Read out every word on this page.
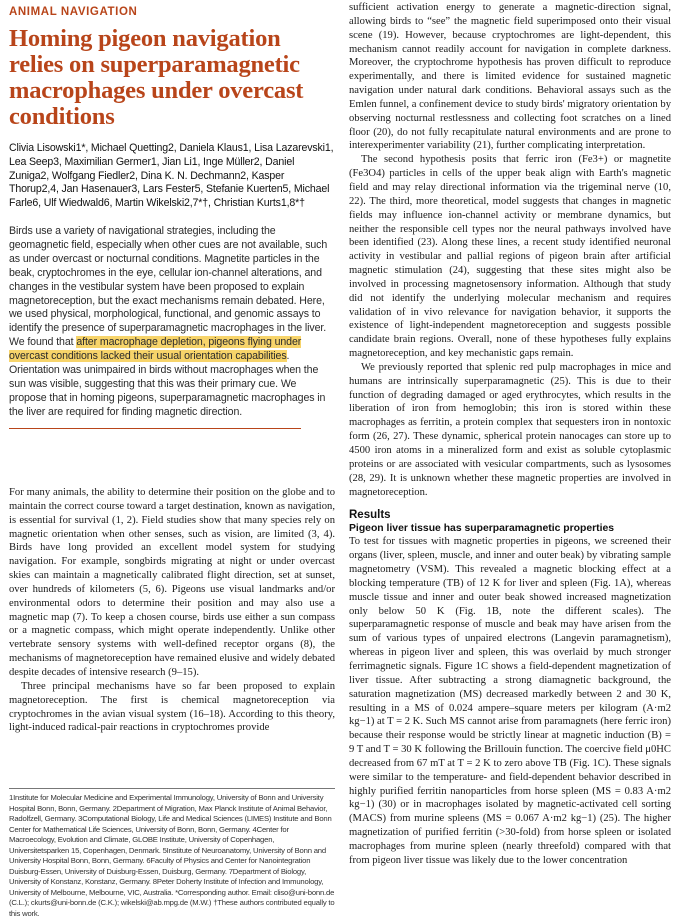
ANIMAL NAVIGATION
Homing pigeon navigation relies on superparamagnetic macrophages under overcast conditions
Clivia Lisowski1*, Michael Quetting2, Daniela Klaus1, Lisa Lazarevski1, Lea Seep3, Maximilian Germer1, Jian Li1, Inge Müller2, Daniel Zuniga2, Wolfgang Fiedler2, Dina K. N. Dechmann2, Kasper Thorup2,4, Jan Hasenauer3, Lars Fester5, Stefanie Kuerten5, Michael Farle6, Ulf Wiedwald6, Martin Wikelski2,7*†, Christian Kurts1,8*†

Birds use a variety of navigational strategies, including the geomagnetic field, especially when other cues are not available, such as under overcast or nocturnal conditions. Magnetite particles in the beak, cryptochromes in the eye, cellular ion-channel alterations, and changes in the vestibular system have been proposed to explain magnetoreception, but the exact mechanisms remain debated. Here, we used physical, morphological, functional, and genomic assays to identify the presence of superparamagnetic macrophages in the liver. We found that after macrophage depletion, pigeons flying under overcast conditions lacked their usual orientation capabilities. Orientation was unimpaired in birds without macrophages when the sun was visible, suggesting that this was their primary cue. We propose that in homing pigeons, superparamagnetic macrophages in the liver are required for finding magnetic direction.

For many animals, the ability to determine their position on the globe and to maintain the correct course toward a target destination, known as navigation, is essential for survival (1, 2). Field studies show that many species rely on magnetic orientation when other senses, such as vision, are limited (3, 4). Birds have long provided an excellent model system for studying navigation. For example, songbirds migrating at night or under overcast skies can maintain a magnetically calibrated flight direction, set at sunset, over hundreds of kilometers (5, 6). Pigeons use visual landmarks and/or environmental odors to determine their position and may also use a magnetic map (7). To keep a chosen course, birds use either a sun compass or a magnetic compass, which might operate independently. Unlike other vertebrate sensory systems with well-defined receptor organs (8), the mechanisms of magnetoreception have remained elusive and widely debated despite decades of intensive research (9–15).

Three principal mechanisms have so far been proposed to explain magnetoreception. The first is chemical magnetoreception via cryptochromes in the avian visual system (16–18). According to this theory, light-induced radical-pair reactions in cryptochromes provide

1Institute for Molecular Medicine and Experimental Immunology, University of Bonn and University Hospital Bonn, Bonn, Germany. 2Department of Migration, Max Planck Institute of Animal Behavior, Radolfzell, Germany. 3Computational Biology, Life and Medical Sciences (LIMES) Institute and Bonn Center for Mathematical Life Sciences, University of Bonn, Bonn, Germany. 4Center for Macroecology, Evolution and Climate, GLOBE Institute, University of Copenhagen, Universitetsparken 15, Copenhagen, Denmark. 5Institute of Neuroanatomy, University of Bonn and University Hospital Bonn, Bonn, Germany. 6Faculty of Physics and Center for Nanointegration Duisburg-Essen, University of Duisburg-Essen, Duisburg, Germany. 7Department of Biology, University of Konstanz, Konstanz, Germany. 8Peter Doherty Institute of Infection and Immunology, University of Melbourne, Melbourne, VIC, Australia. *Corresponding author. Email: cliso@uni-bonn.de (C.L.); ckurts@uni-bonn.de (C.K.); wikelski@ab.mpg.de (M.W.) †These authors contributed equally to this work.

sufficient activation energy to generate a magnetic-direction signal, allowing birds to “see” the magnetic field superimposed onto their visual scene (19). However, because cryptochromes are light-dependent, this mechanism cannot readily account for navigation in complete darkness. Moreover, the cryptochrome hypothesis has proven difficult to reproduce experimentally, and there is limited evidence for sustained magnetic navigation under natural dark conditions. Behavioral assays such as the Emlen funnel, a confinement device to study birds' migratory orientation by observing nocturnal restlessness and collecting foot scratches on a lined floor (20), do not fully recapitulate natural environments and are prone to interexperimenter variability (21), further complicating interpretation.

The second hypothesis posits that ferric iron (Fe3+) or magnetite (Fe3O4) particles in cells of the upper beak align with Earth's magnetic field and may relay directional information via the trigeminal nerve (10, 22). The third, more theoretical, model suggests that changes in magnetic fields may influence ion-channel activity or membrane dynamics, but neither the responsible cell types nor the neural pathways involved have been identified (23). Along these lines, a recent study identified neuronal activity in vestibular and pallial regions of pigeon brain after artificial magnetic stimulation (24), suggesting that these sites might also be involved in processing magnetosensory information. Although that study did not identify the underlying molecular mechanism and requires validation of in vivo relevance for navigation behavior, it supports the existence of light-independent magnetoreception and suggests possible candidate brain regions. Overall, none of these hypotheses fully explains magnetoreception, and key mechanistic gaps remain.

We previously reported that splenic red pulp macrophages in mice and humans are intrinsically superparamagnetic (25). This is due to their function of degrading damaged or aged erythrocytes, which results in the liberation of iron from hemoglobin; this iron is stored within these macrophages as ferritin, a protein complex that sequesters iron in nontoxic form (26, 27). These dynamic, spherical protein nanocages can store up to 4500 iron atoms in a mineralized form and exist as soluble cytoplasmic proteins or are associated with vesicular compartments, such as lysosomes (28, 29). It is unknown whether these magnetic properties are involved in magnetoreception.

Results
Pigeon liver tissue has superparamagnetic properties

To test for tissues with magnetic properties in pigeons, we screened their organs (liver, spleen, muscle, and inner and outer beak) by vibrating sample magnetometry (VSM). This revealed a magnetic blocking effect at a blocking temperature (TB) of 12 K for liver and spleen (Fig. 1A), whereas muscle tissue and inner and outer beak showed increased magnetization only below 50 K (Fig. 1B, note the different scales). The superparamagnetic response of muscle and beak may have arisen from the sum of various types of unpaired electrons (Langevin paramagnetism), whereas in pigeon liver and spleen, this was overlaid by much stronger ferrimagnetic signals. Figure 1C shows a field-dependent magnetization of liver tissue. After subtracting a strong diamagnetic background, the saturation magnetization (MS) decreased markedly between 2 and 30 K, resulting in a MS of 0.024 ampere–square meters per kilogram (A·m2 kg−1) at T = 2 K. Such MS cannot arise from paramagnets (here ferric iron) because their response would be strictly linear at magnetic induction (B) = 9 T and T = 30 K following the Brillouin function. The coercive field μ0HC decreased from 67 mT at T = 2 K to zero above TB (Fig. 1C). These signals were similar to the temperature- and field-dependent behavior described in highly purified ferritin nanoparticles from horse spleen (MS = 0.83 A·m2 kg−1) (30) or in macrophages isolated by magnetic-activated cell sorting (MACS) from murine spleens (MS = 0.067 A·m2 kg−1) (25). The higher magnetization of purified ferritin (>30-fold) from horse spleen or isolated macrophages from murine spleen (nearly threefold) compared with that from pigeon liver tissue was likely due to the lower concentration
